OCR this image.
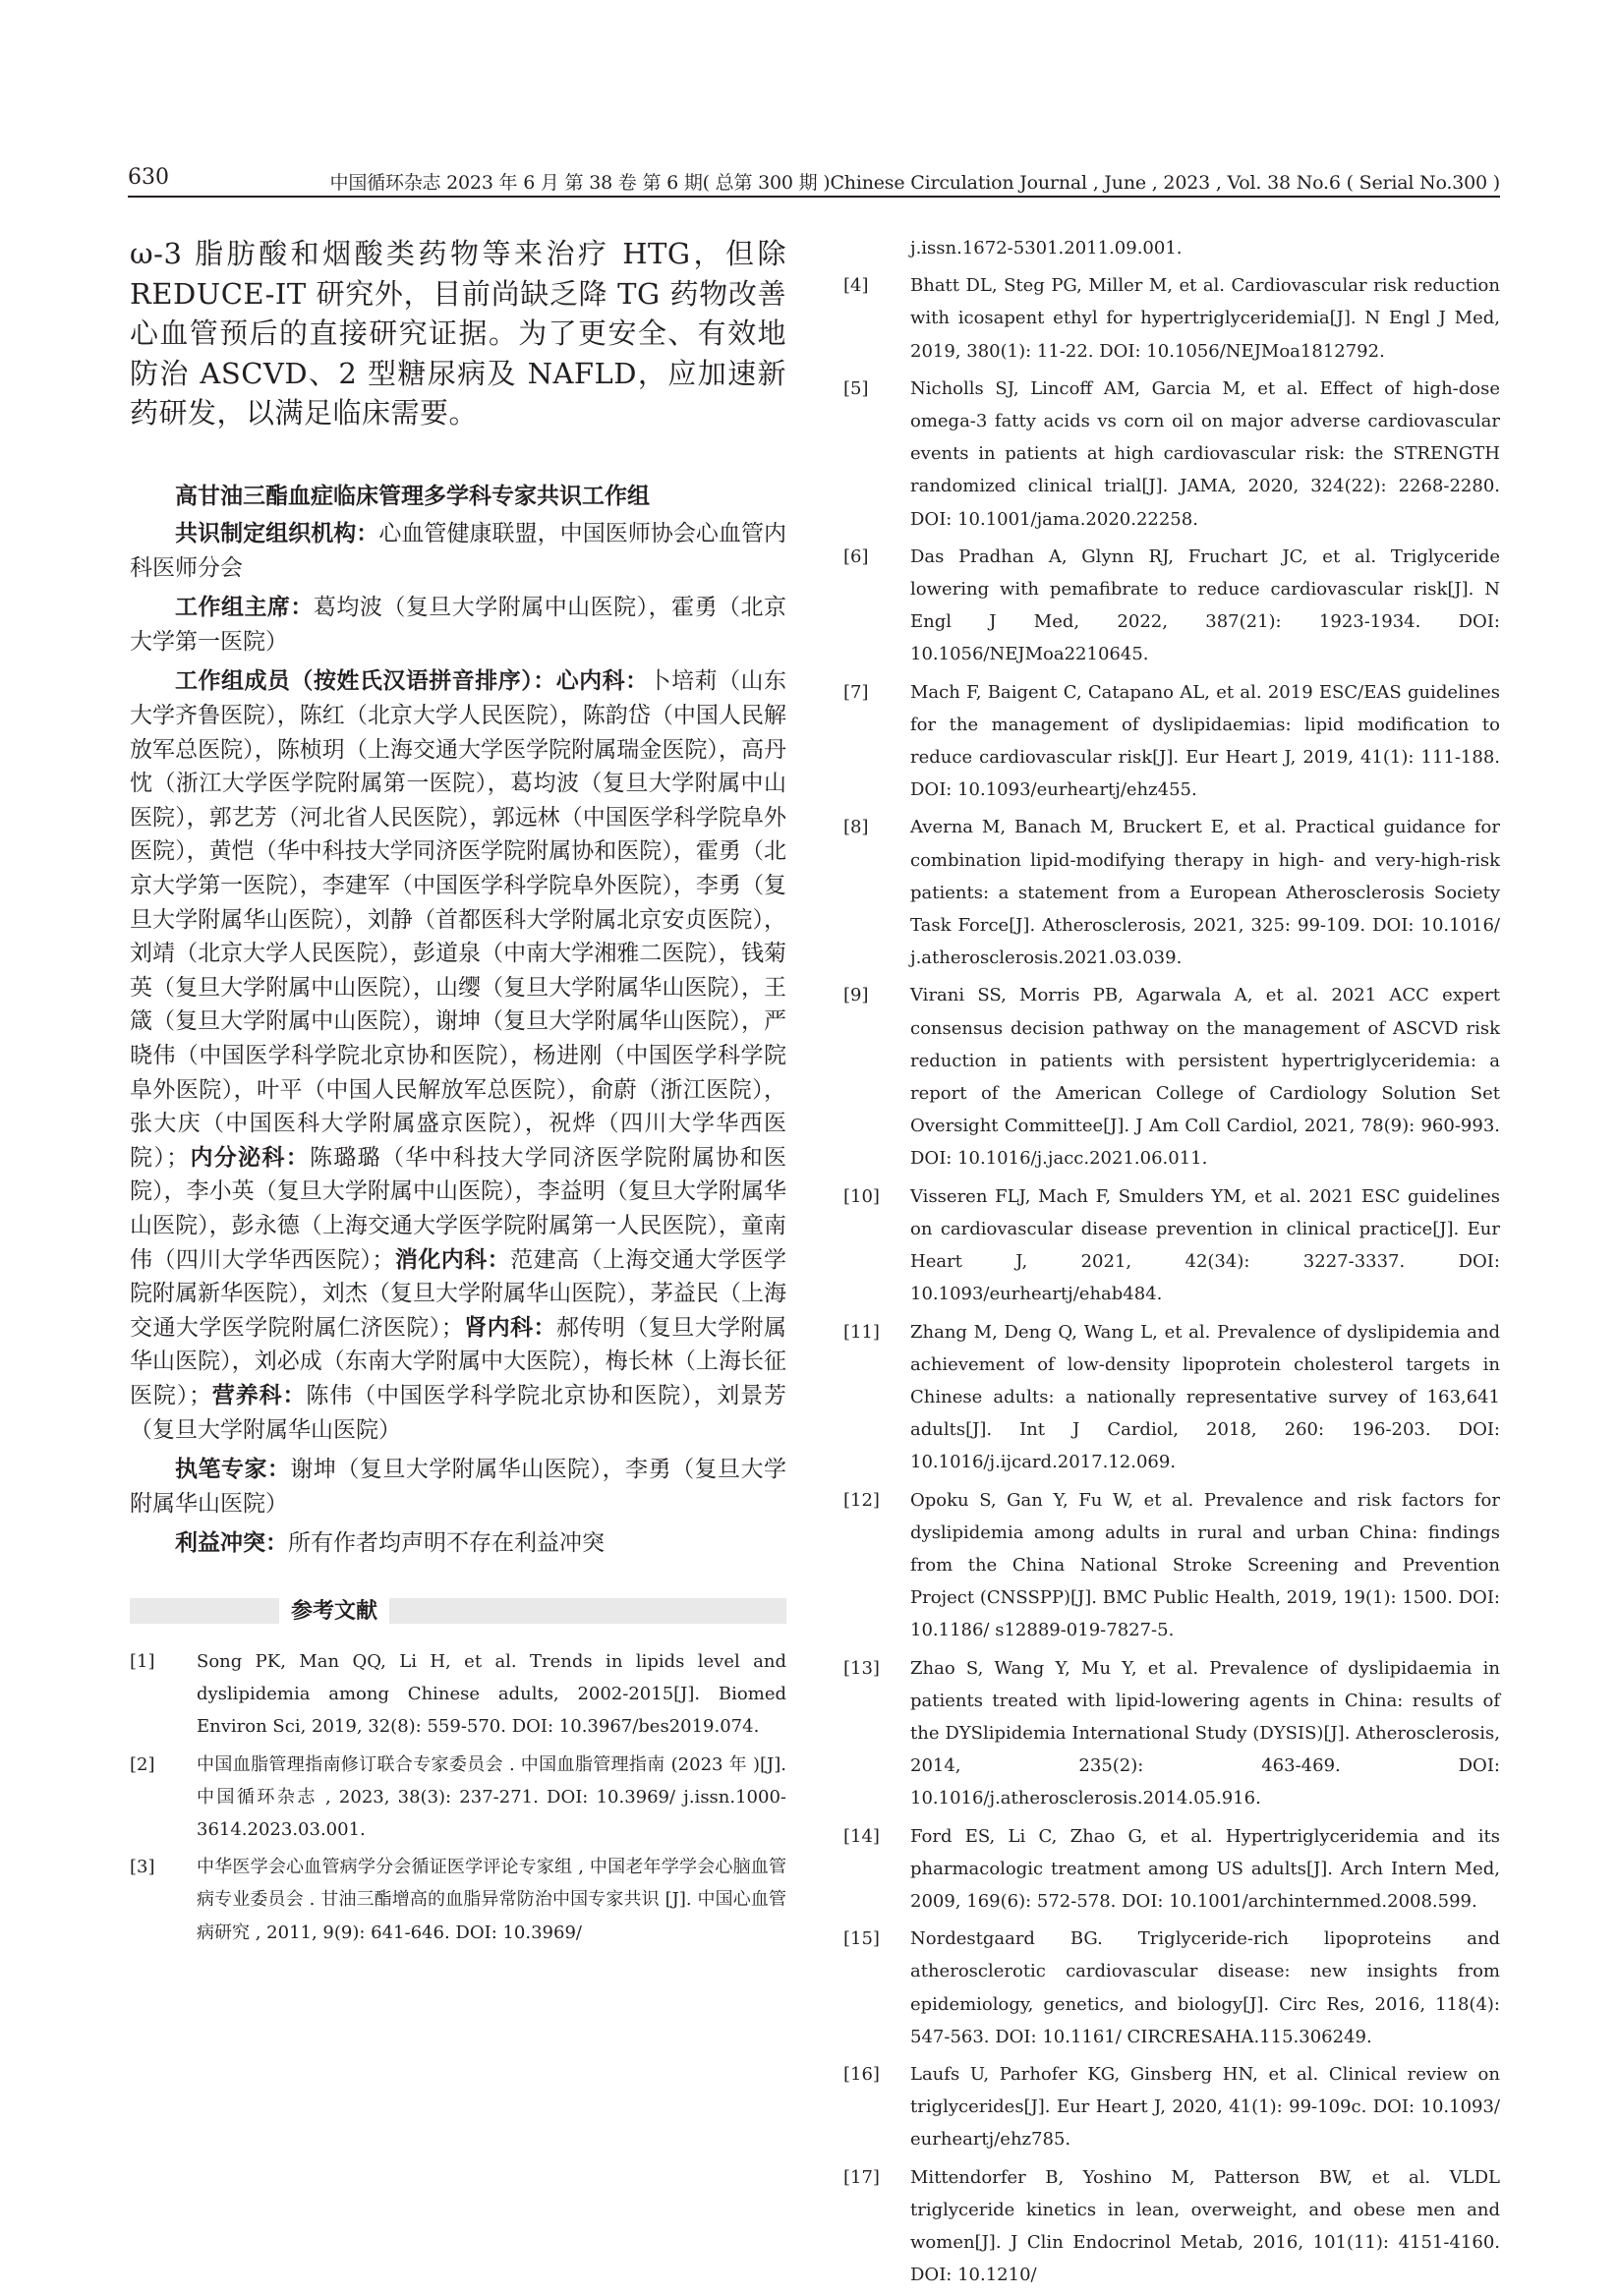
630	中国循环杂志 2023 年 6 月 第 38 卷 第 6 期( 总第 300 期 )Chinese Circulation Journal , June , 2023 , Vol. 38 No.6 ( Serial No.300 )

ω-3 脂肪酸和烟酸类药物等来治疗 HTG，但除 REDUCE-IT 研究外，目前尚缺乏降 TG 药物改善心血管预后的直接研究证据。为了更安全、有效地防治 ASCVD、2 型糖尿病及 NAFLD，应加速新药研发，以满足临床需要。

高甘油三酯血症临床管理多学科专家共识工作组

共识制定组织机构：心血管健康联盟，中国医师协会心血管内科医师分会

工作组主席：葛均波（复旦大学附属中山医院），霍勇（北京大学第一医院）

工作组成员（按姓氏汉语拼音排序）：心内科：卜培莉（山东大学齐鲁医院），陈红（北京大学人民医院），陈韵岱（中国人民解放军总医院），陈桢玥（上海交通大学医学院附属瑞金医院），高丹忱（浙江大学医学院附属第一医院），葛均波（复旦大学附属中山医院），郭艺芳（河北省人民医院），郭远林（中国医学科学院阜外医院），黄恺（华中科技大学同济医学院附属协和医院），霍勇（北京大学第一医院），李建军（中国医学科学院阜外医院），李勇（复旦大学附属华山医院），刘静（首都医科大学附属北京安贞医院），刘靖（北京大学人民医院），彭道泉（中南大学湘雅二医院），钱菊英（复旦大学附属中山医院），山缨（复旦大学附属华山医院），王箴（复旦大学附属中山医院），谢坤（复旦大学附属华山医院），严晓伟（中国医学科学院北京协和医院），杨进刚（中国医学科学院阜外医院），叶平（中国人民解放军总医院），俞蔚（浙江医院），张大庆（中国医科大学附属盛京医院），祝烨（四川大学华西医院）；内分泌科：陈璐璐（华中科技大学同济医学院附属协和医院），李小英（复旦大学附属中山医院），李益明（复旦大学附属华山医院），彭永德（上海交通大学医学院附属第一人民医院），童南伟（四川大学华西医院）；消化内科：范建高（上海交通大学医学院附属新华医院），刘杰（复旦大学附属华山医院），茅益民（上海交通大学医学院附属仁济医院）；肾内科：郝传明（复旦大学附属华山医院），刘必成（东南大学附属中大医院），梅长林（上海长征医院）；营养科：陈伟（中国医学科学院北京协和医院），刘景芳（复旦大学附属华山医院）

执笔专家：谢坤（复旦大学附属华山医院），李勇（复旦大学附属华山医院）

利益冲突：所有作者均声明不存在利益冲突

参考文献
[1] Song PK, Man QQ, Li H, et al. Trends in lipids level and dyslipidemia among Chinese adults, 2002-2015[J]. Biomed Environ Sci, 2019, 32(8): 559-570. DOI: 10.3967/bes2019.074.
[2] 中国血脂管理指南修订联合专家委员会 . 中国血脂管理指南 (2023 年 )[J]. 中国循环杂志 , 2023, 38(3): 237-271. DOI: 10.3969/ j.issn.1000-3614.2023.03.001.
[3] 中华医学会心血管病学分会循证医学评论专家组 , 中国老年学学会心脑血管病专业委员会 . 甘油三酯增高的血脂异常防治中国专家共识 [J]. 中国心血管病研究 , 2011, 9(9): 641-646. DOI: 10.3969/
j.issn.1672-5301.2011.09.001.
[4] Bhatt DL, Steg PG, Miller M, et al. Cardiovascular risk reduction with icosapent ethyl for hypertriglyceridemia[J]. N Engl J Med, 2019, 380(1): 11-22. DOI: 10.1056/NEJMoa1812792.
[5] Nicholls SJ, Lincoff AM, Garcia M, et al. Effect of high-dose omega-3 fatty acids vs corn oil on major adverse cardiovascular events in patients at high cardiovascular risk: the STRENGTH randomized clinical trial[J]. JAMA, 2020, 324(22): 2268-2280. DOI: 10.1001/jama.2020.22258.
[6] Das Pradhan A, Glynn RJ, Fruchart JC, et al. Triglyceride lowering with pemafibrate to reduce cardiovascular risk[J]. N Engl J Med, 2022, 387(21): 1923-1934. DOI: 10.1056/NEJMoa2210645.
[7] Mach F, Baigent C, Catapano AL, et al. 2019 ESC/EAS guidelines for the management of dyslipidaemias: lipid modification to reduce cardiovascular risk[J]. Eur Heart J, 2019, 41(1): 111-188. DOI: 10.1093/eurheartj/ehz455.
[8] Averna M, Banach M, Bruckert E, et al. Practical guidance for combination lipid-modifying therapy in high- and very-high-risk patients: a statement from a European Atherosclerosis Society Task Force[J]. Atherosclerosis, 2021, 325: 99-109. DOI: 10.1016/ j.atherosclerosis.2021.03.039.
[9] Virani SS, Morris PB, Agarwala A, et al. 2021 ACC expert consensus decision pathway on the management of ASCVD risk reduction in patients with persistent hypertriglyceridemia: a report of the American College of Cardiology Solution Set Oversight Committee[J]. J Am Coll Cardiol, 2021, 78(9): 960-993. DOI: 10.1016/j.jacc.2021.06.011.
[10] Visseren FLJ, Mach F, Smulders YM, et al. 2021 ESC guidelines on cardiovascular disease prevention in clinical practice[J]. Eur Heart J, 2021, 42(34): 3227-3337. DOI: 10.1093/eurheartj/ehab484.
[11] Zhang M, Deng Q, Wang L, et al. Prevalence of dyslipidemia and achievement of low-density lipoprotein cholesterol targets in Chinese adults: a nationally representative survey of 163,641 adults[J]. Int J Cardiol, 2018, 260: 196-203. DOI: 10.1016/j.ijcard.2017.12.069.
[12] Opoku S, Gan Y, Fu W, et al. Prevalence and risk factors for dyslipidemia among adults in rural and urban China: findings from the China National Stroke Screening and Prevention Project (CNSSPP)[J]. BMC Public Health, 2019, 19(1): 1500. DOI: 10.1186/ s12889-019-7827-5.
[13] Zhao S, Wang Y, Mu Y, et al. Prevalence of dyslipidaemia in patients treated with lipid-lowering agents in China: results of the DYSlipidemia International Study (DYSIS)[J]. Atherosclerosis, 2014, 235(2): 463-469. DOI: 10.1016/j.atherosclerosis.2014.05.916.
[14] Ford ES, Li C, Zhao G, et al. Hypertriglyceridemia and its pharmacologic treatment among US adults[J]. Arch Intern Med, 2009, 169(6): 572-578. DOI: 10.1001/archinternmed.2008.599.
[15] Nordestgaard BG. Triglyceride-rich lipoproteins and atherosclerotic cardiovascular disease: new insights from epidemiology, genetics, and biology[J]. Circ Res, 2016, 118(4): 547-563. DOI: 10.1161/ CIRCRESAHA.115.306249.
[16] Laufs U, Parhofer KG, Ginsberg HN, et al. Clinical review on triglycerides[J]. Eur Heart J, 2020, 41(1): 99-109c. DOI: 10.1093/ eurheartj/ehz785.
[17] Mittendorfer B, Yoshino M, Patterson BW, et al. VLDL triglyceride kinetics in lean, overweight, and obese men and women[J]. J Clin Endocrinol Metab, 2016, 101(11): 4151-4160. DOI: 10.1210/
